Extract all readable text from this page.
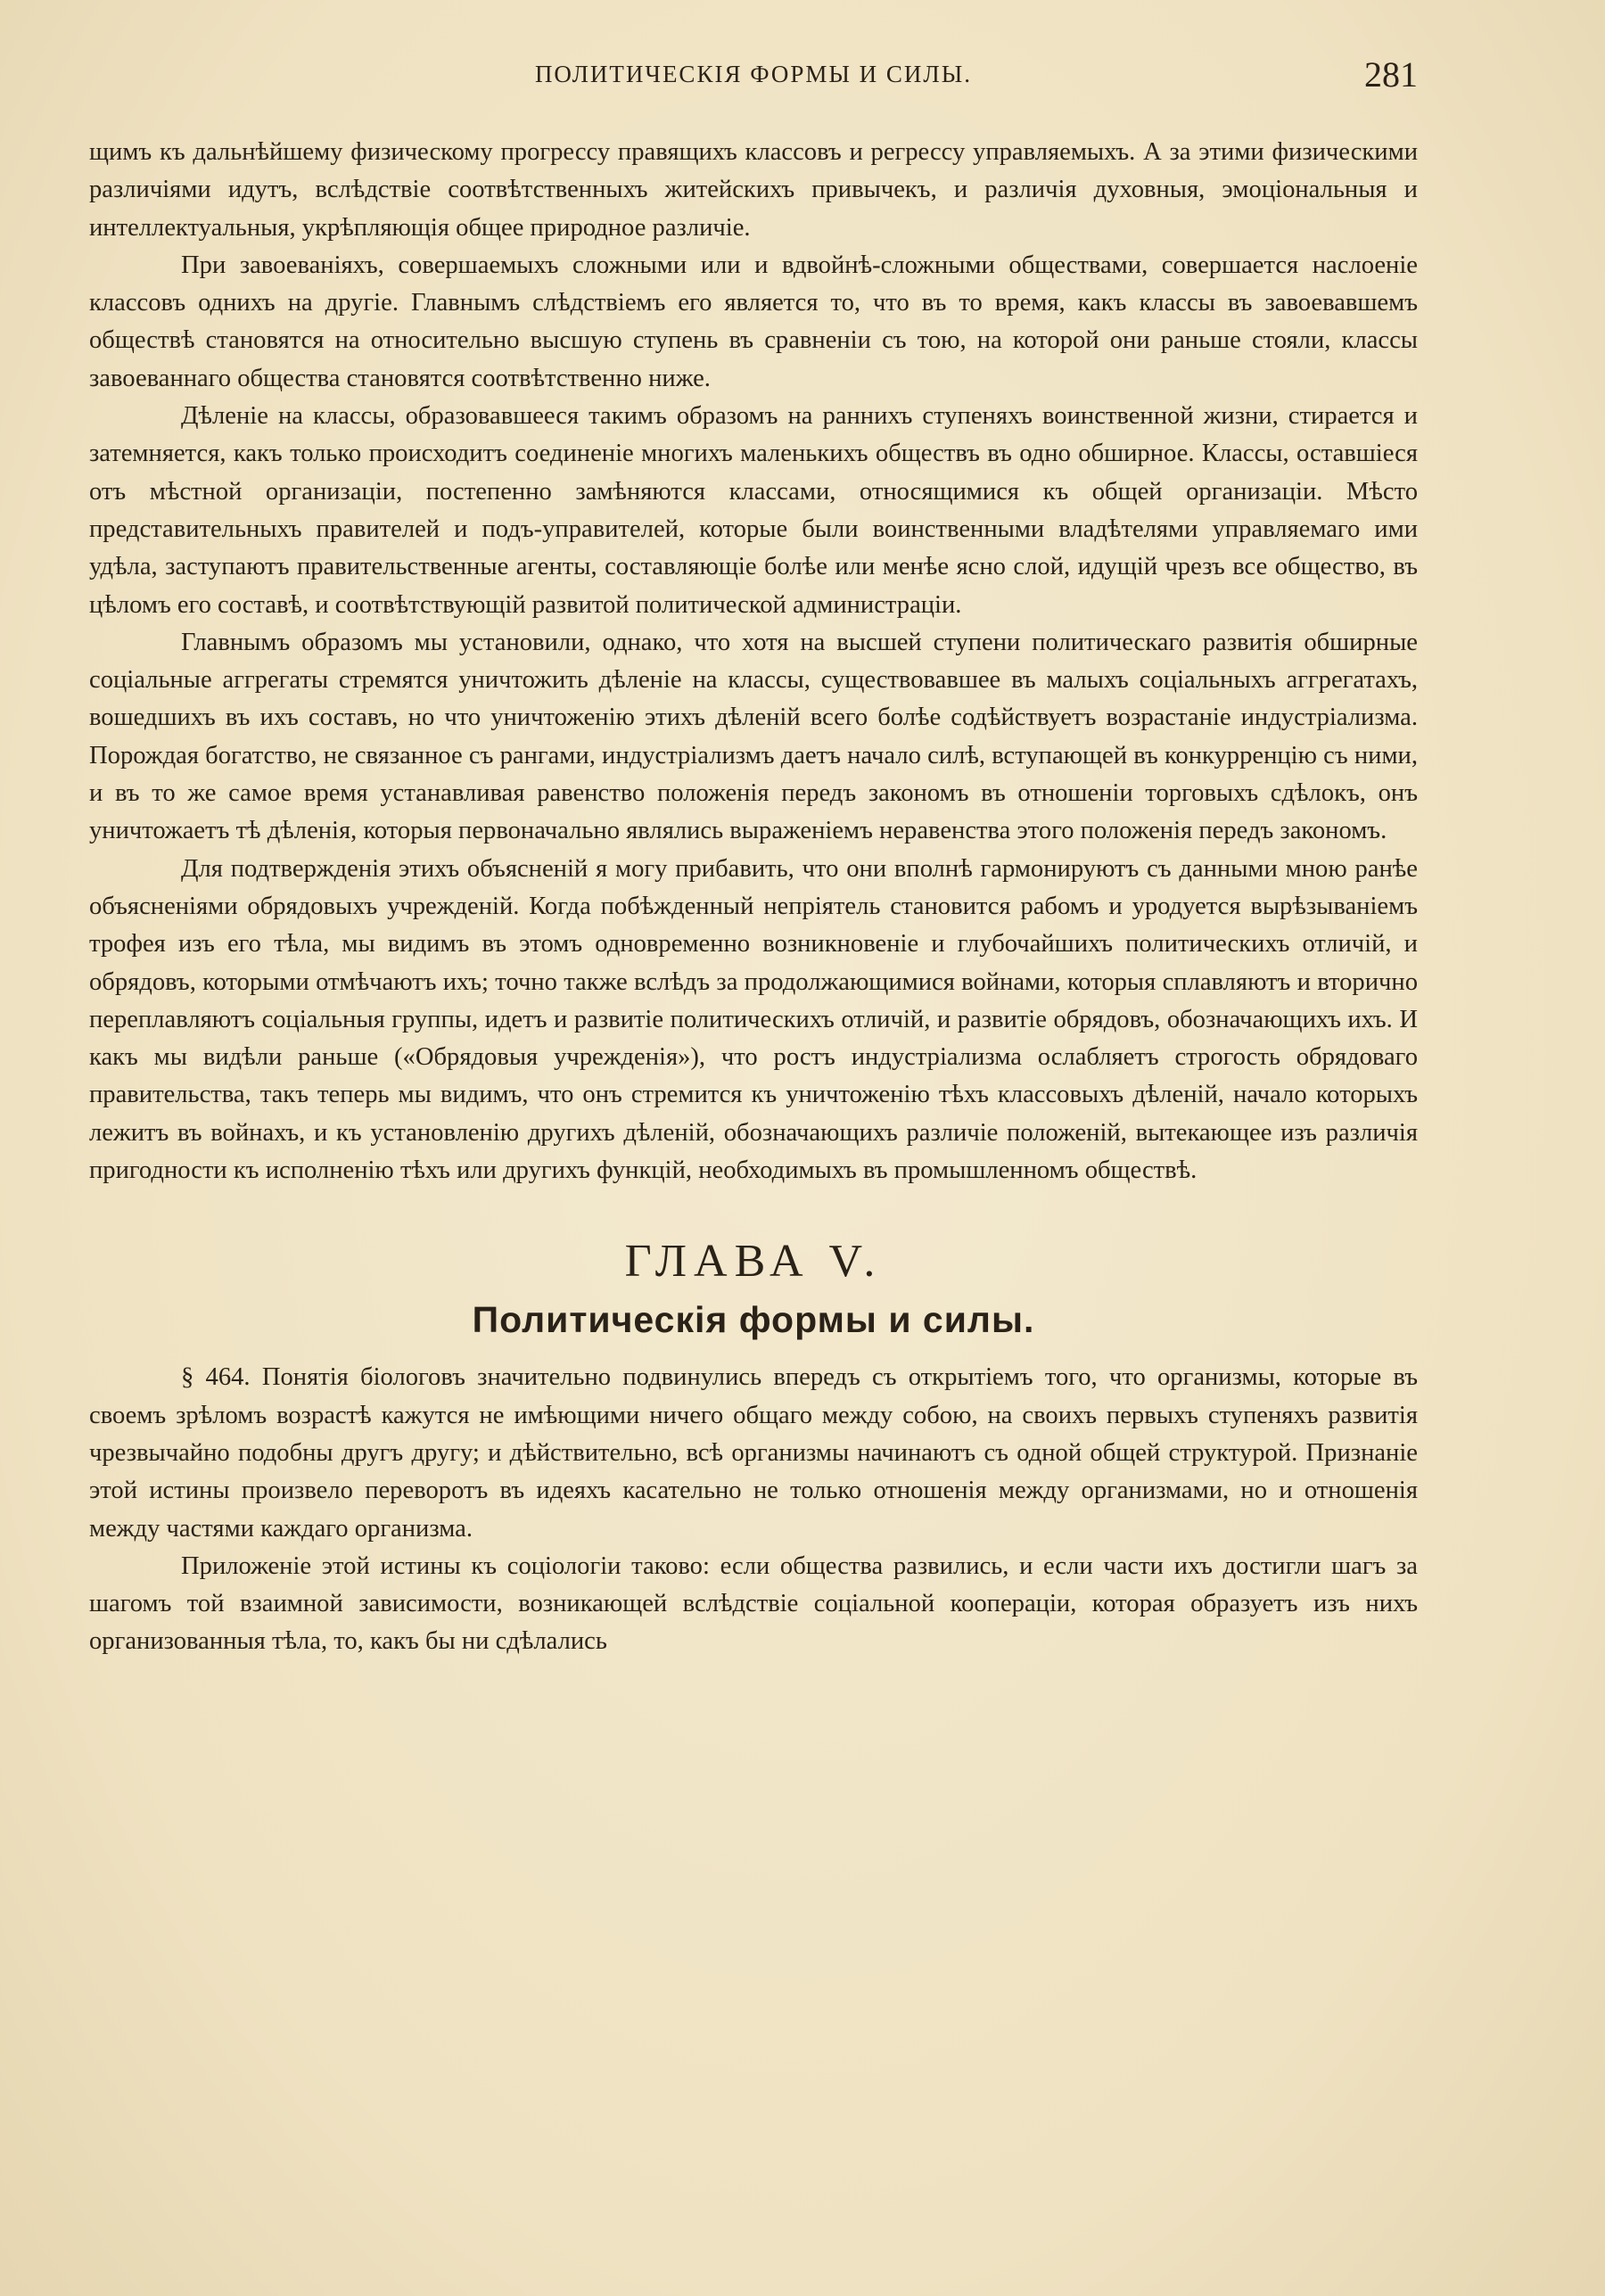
ПОЛИТИЧЕСКІЯ ФОРМЫ И СИЛЫ.	281

щимъ къ дальнѣйшему физическому прогрессу правящихъ классовъ и регрессу управляемыхъ. А за этими физическими различіями идутъ, вслѣдствіе соотвѣтственныхъ житейскихъ привычекъ, и различія духовныя, эмоціональныя и интеллектуальныя, укрѣпляющія общее природное различіе.

При завоеваніяхъ, совершаемыхъ сложными или и вдвойнѣ-сложными обществами, совершается наслоеніе классовъ однихъ на другіе. Главнымъ слѣдствіемъ его является то, что въ то время, какъ классы въ завоевавшемъ обществѣ становятся на относительно высшую ступень въ сравненіи съ тою, на которой они раньше стояли, классы завоеваннаго общества становятся соотвѣтственно ниже.

Дѣленіе на классы, образовавшееся такимъ образомъ на раннихъ ступеняхъ воинственной жизни, стирается и затемняется, какъ только происходитъ соединеніе многихъ маленькихъ обществъ въ одно обширное. Классы, оставшіеся отъ мѣстной организаціи, постепенно замѣняются классами, относящимися къ общей организаціи. Мѣсто представительныхъ правителей и подъ-управителей, которые были воинственными владѣтелями управляемаго ими удѣла, заступаютъ правительственные агенты, составляющіе болѣе или менѣе ясно слой, идущій чрезъ все общество, въ цѣломъ его составѣ, и соотвѣтствующій развитой политической администраціи.

Главнымъ образомъ мы установили, однако, что хотя на высшей ступени политическаго развитія обширные соціальные аггрегаты стремятся уничтожить дѣленіе на классы, существовавшее въ малыхъ соціальныхъ аггрегатахъ, вошедшихъ въ ихъ составъ, но что уничтоженію этихъ дѣленій всего болѣе содѣйствуетъ возрастаніе индустріализма. Порождая богатство, не связанное съ рангами, индустріализмъ даетъ начало силѣ, вступающей въ конкурренцію съ ними, и въ то же самое время устанавливая равенство положенія передъ закономъ въ отношеніи торговыхъ сдѣлокъ, онъ уничтожаетъ тѣ дѣленія, которыя первоначально являлись выраженіемъ неравенства этого положенія передъ закономъ.

Для подтвержденія этихъ объясненій я могу прибавить, что они вполнѣ гармонируютъ съ данными мною ранѣе объясненіями обрядовыхъ учрежденій. Когда побѣжденный непріятель становится рабомъ и уродуется вырѣзываніемъ трофея изъ его тѣла, мы видимъ въ этомъ одновременно возникновеніе и глубочайшихъ политическихъ отличій, и обрядовъ, которыми отмѣчаютъ ихъ; точно также вслѣдъ за продолжающимися войнами, которыя сплавляютъ и вторично переплавляютъ соціальныя группы, идетъ и развитіе политическихъ отличій, и развитіе обрядовъ, обозначающихъ ихъ. И какъ мы видѣли раньше («Обрядовыя учрежденія»), что ростъ индустріализма ослабляетъ строгость обрядоваго правительства, такъ теперь мы видимъ, что онъ стремится къ уничтоженію тѣхъ классовыхъ дѣленій, начало которыхъ лежитъ въ войнахъ, и къ установленію другихъ дѣленій, обозначающихъ различіе положеній, вытекающее изъ различія пригодности къ исполненію тѣхъ или другихъ функцій, необходимыхъ въ промышленномъ обществѣ.

ГЛАВА V.
Политическія формы и силы.

§ 464. Понятія біологовъ значительно подвинулись впередъ съ открытіемъ того, что организмы, которые въ своемъ зрѣломъ возрастѣ кажутся не имѣющими ничего общаго между собою, на своихъ первыхъ ступеняхъ развитія чрезвычайно подобны другъ другу; и дѣйствительно, всѣ организмы начинаютъ съ одной общей структурой. Признаніе этой истины произвело переворотъ въ идеяхъ касательно не только отношенія между организмами, но и отношенія между частями каждаго организма.

Приложеніе этой истины къ соціологіи таково: если общества развились, и если части ихъ достигли шагъ за шагомъ той взаимной зависимости, возникающей вслѣдствіе соціальной коопераціи, которая образуетъ изъ нихъ организованныя тѣла, то, какъ бы ни сдѣлались
